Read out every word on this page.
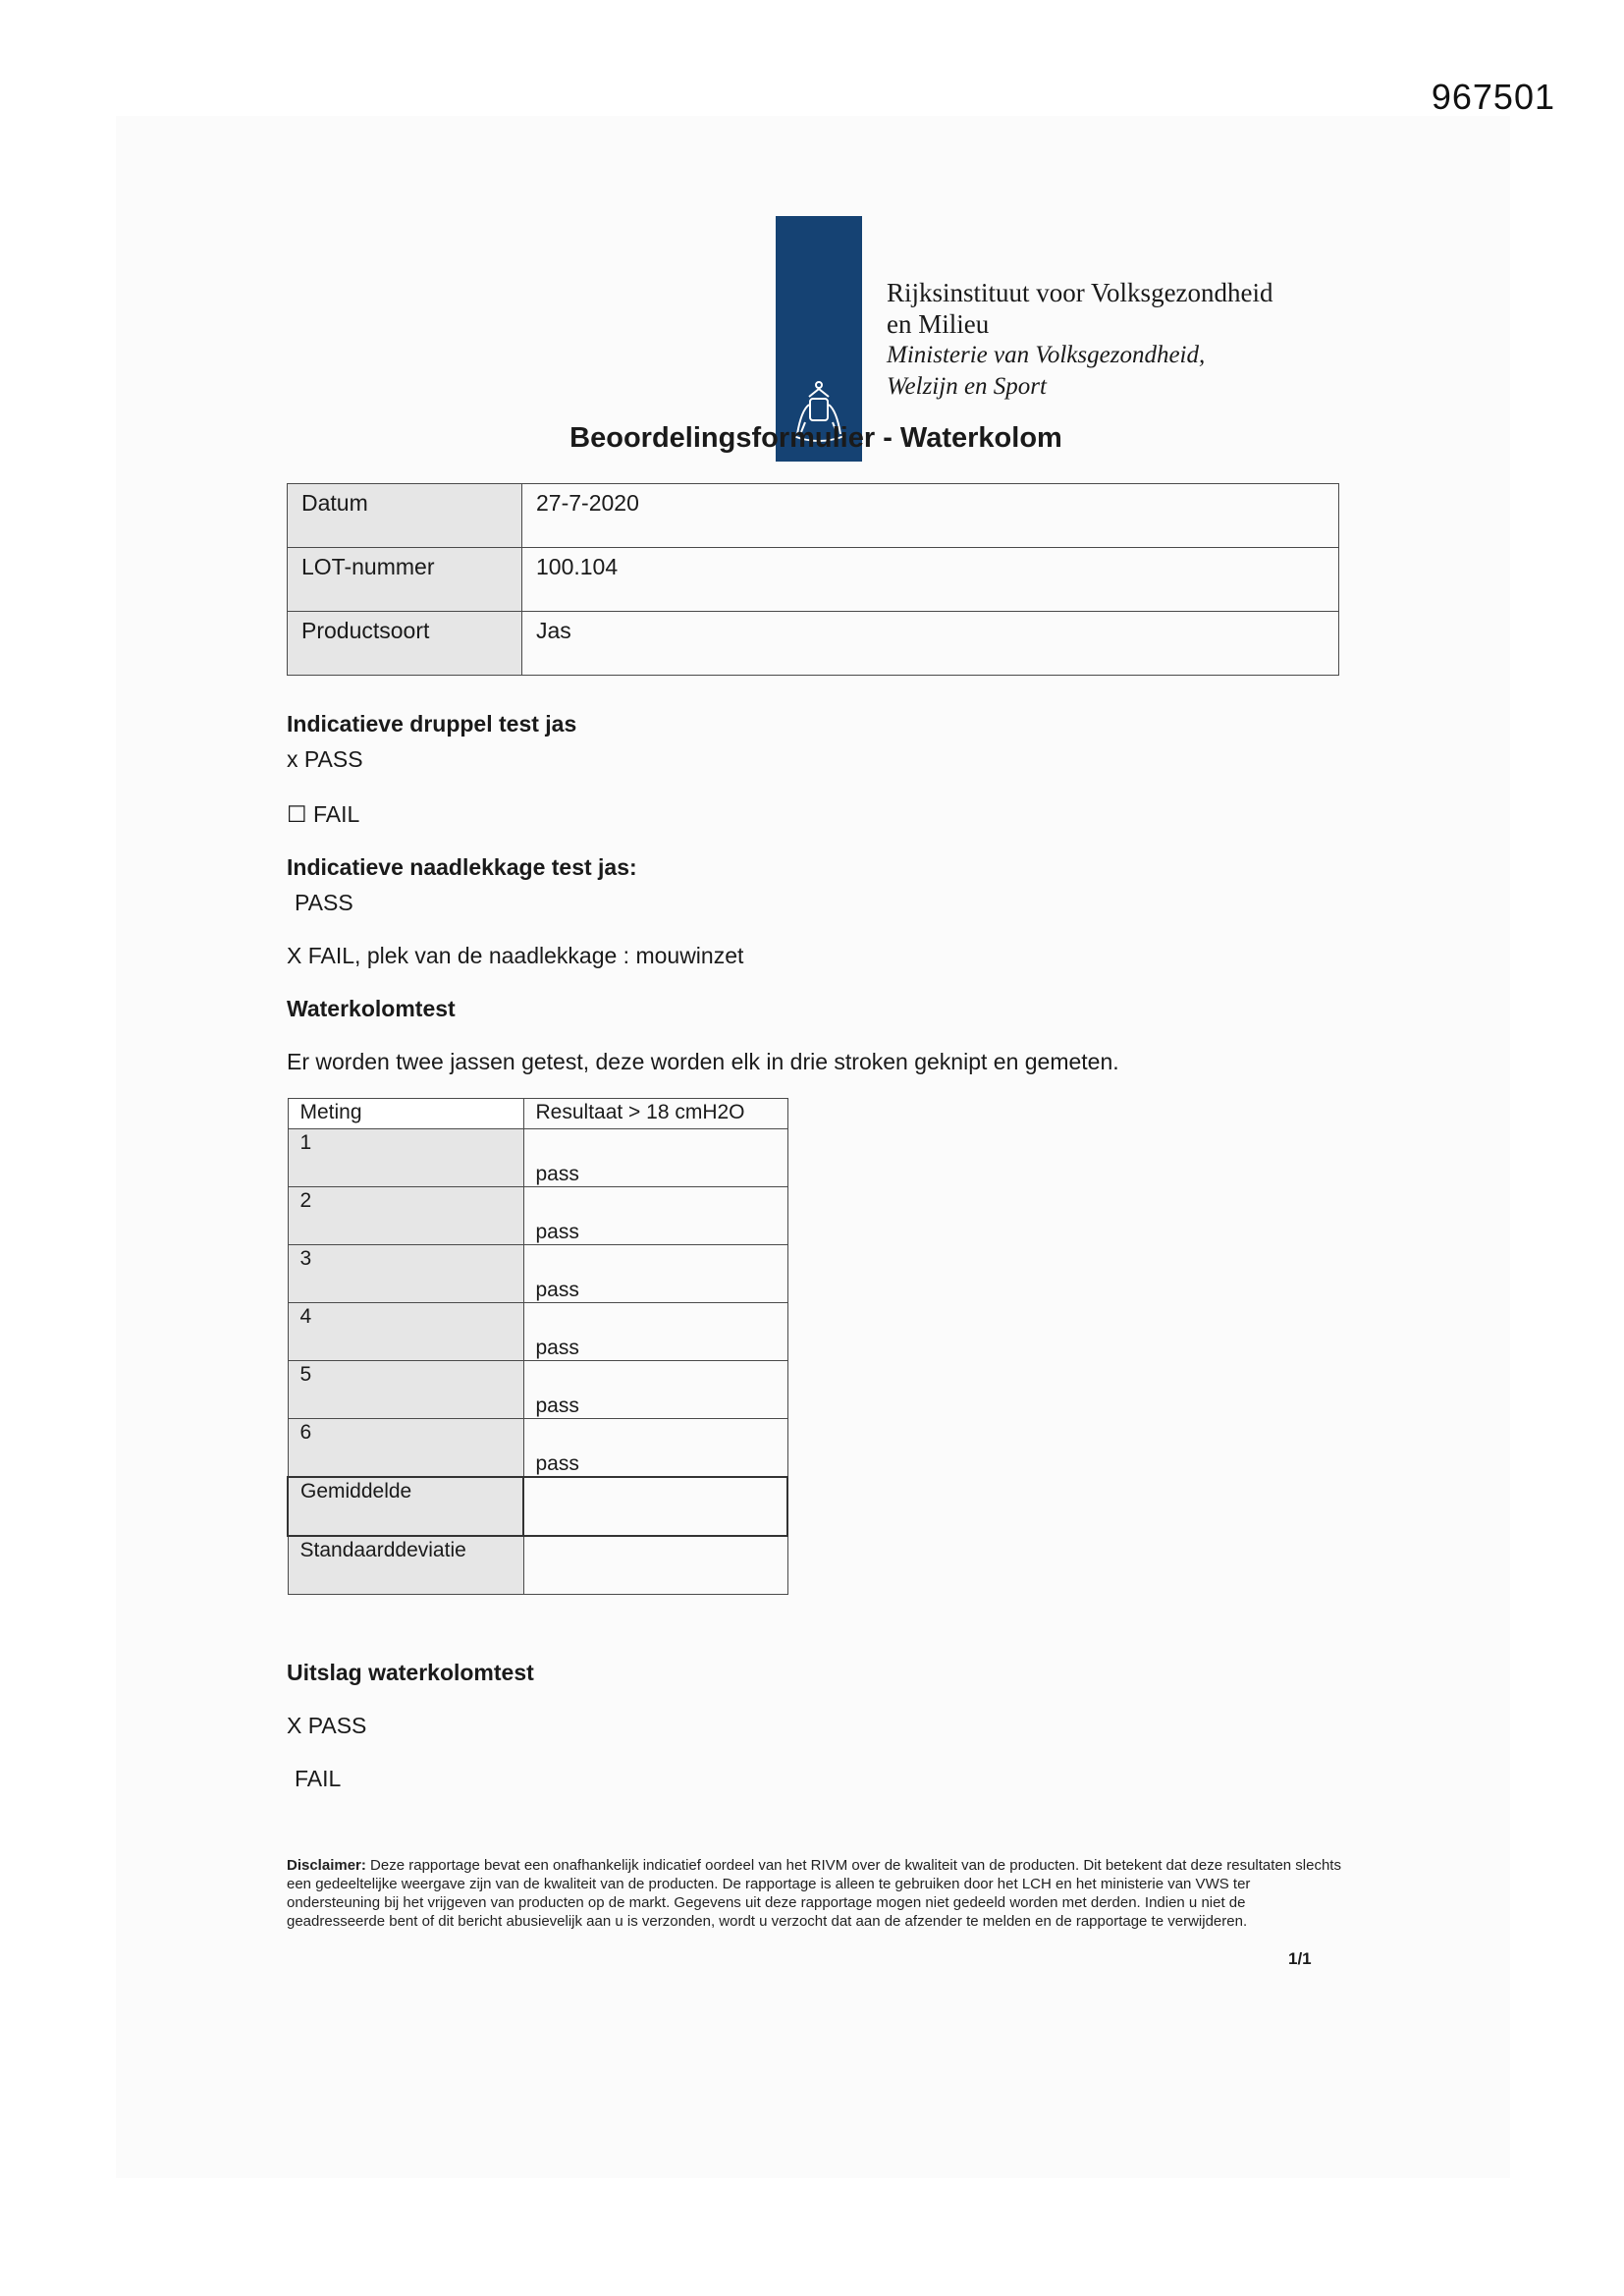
967501
Rijksinstituut voor Volksgezondheid
en Milieu
Ministerie van Volksgezondheid,
Welzijn en Sport
Beoordelingsformulier - Waterkolom
Datum	27-7-2020
LOT-nummer	100.104
Productsoort	Jas
Indicatieve druppel test jas
x PASS
☐ FAIL
Indicatieve naadlekkage test jas:
PASS
X FAIL, plek van de naadlekkage : mouwinzet
Waterkolomtest
Er worden twee jassen getest, deze worden elk in drie stroken geknipt en gemeten.
Meting	Resultaat > 18 cmH2O
1	pass

2	pass

3	pass

4	pass

5	pass

6	pass

Gemiddelde	
Standaarddeviatie	
Uitslag waterkolomtest
X PASS
FAIL
Disclaimer: Deze rapportage bevat een onafhankelijk indicatief oordeel van het RIVM over de kwaliteit van de producten. Dit betekent dat deze resultaten slechts een gedeeltelijke weergave zijn van de kwaliteit van de producten. De rapportage is alleen te gebruiken door het LCH en het ministerie van VWS ter ondersteuning bij het vrijgeven van producten op de markt. Gegevens uit deze rapportage mogen niet gedeeld worden met derden. Indien u niet de geadresseerde bent of dit bericht abusievelijk aan u is verzonden, wordt u verzocht dat aan de afzender te melden en de rapportage te verwijderen.
1/1
